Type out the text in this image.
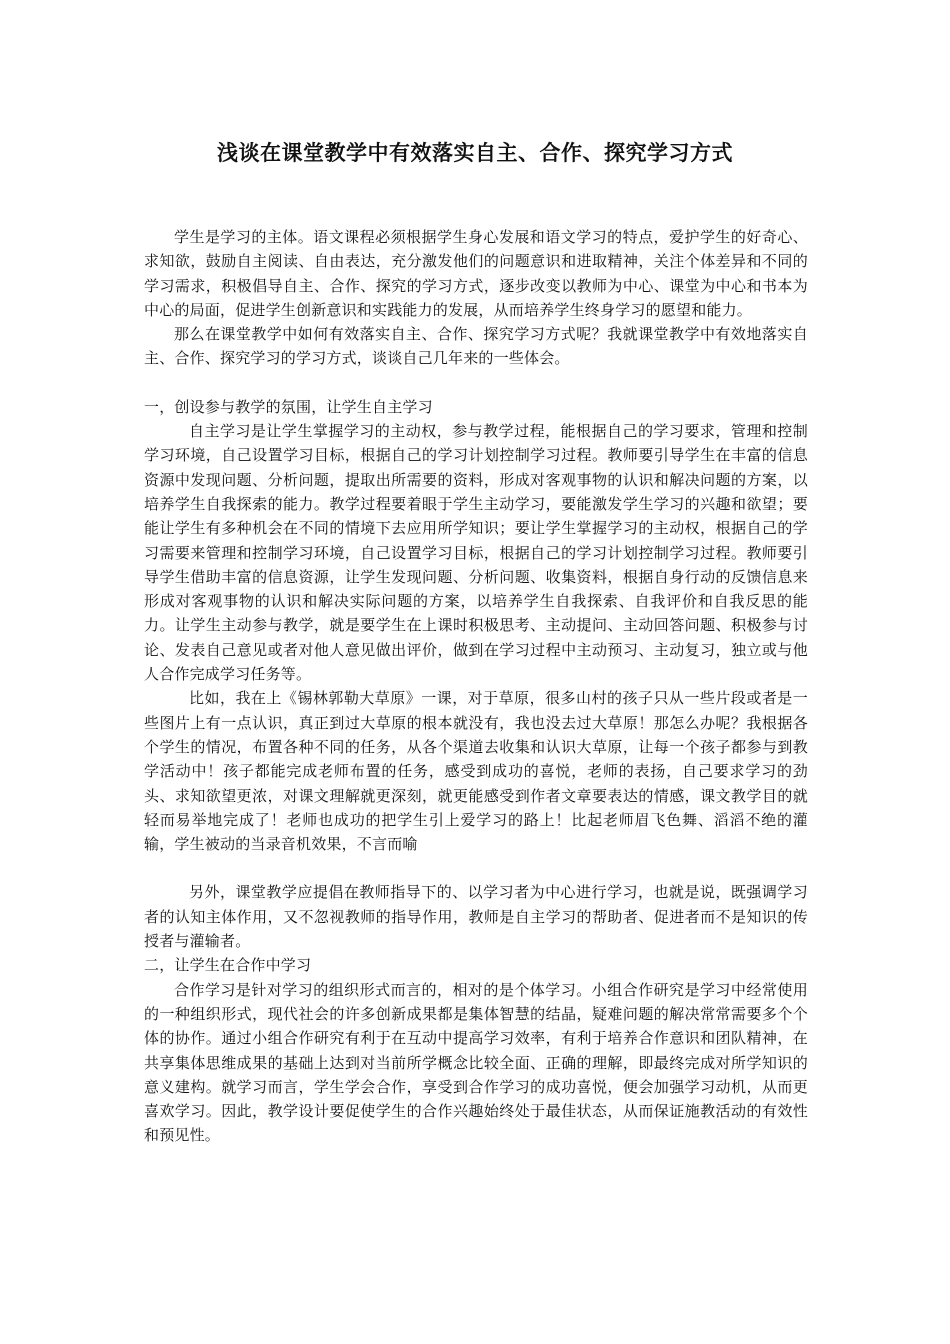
浅谈在课堂教学中有效落实自主、合作、探究学习方式

学生是学习的主体。语文课程必须根据学生身心发展和语文学习的特点，爱护学生的好奇心、求知欲，鼓励自主阅读、自由表达，充分激发他们的问题意识和进取精神，关注个体差异和不同的学习需求，积极倡导自主、合作、探究的学习方式，逐步改变以教师为中心、课堂为中心和书本为中心的局面，促进学生创新意识和实践能力的发展，从而培养学生终身学习的愿望和能力。

那么在课堂教学中如何有效落实自主、合作、探究学习方式呢？我就课堂教学中有效地落实自主、合作、探究学习的学习方式，谈谈自己几年来的一些体会。

一，创设参与教学的氛围，让学生自主学习

自主学习是让学生掌握学习的主动权，参与教学过程，能根据自己的学习要求，管理和控制学习环境，自己设置学习目标，根据自己的学习计划控制学习过程。教师要引导学生在丰富的信息资源中发现问题、分析问题，提取出所需要的资料，形成对客观事物的认识和解决问题的方案，以培养学生自我探索的能力。教学过程要着眼于学生主动学习，要能激发学生学习的兴趣和欲望；要能让学生有多种机会在不同的情境下去应用所学知识；要让学生掌握学习的主动权，根据自己的学习需要来管理和控制学习环境，自己设置学习目标，根据自己的学习计划控制学习过程。教师要引导学生借助丰富的信息资源，让学生发现问题、分析问题、收集资料，根据自身行动的反馈信息来形成对客观事物的认识和解决实际问题的方案，以培养学生自我探索、自我评价和自我反思的能力。让学生主动参与教学，就是要学生在上课时积极思考、主动提问、主动回答问题、积极参与讨论、发表自己意见或者对他人意见做出评价，做到在学习过程中主动预习、主动复习，独立或与他人合作完成学习任务等。

比如，我在上《锡林郭勒大草原》一课，对于草原，很多山村的孩子只从一些片段或者是一些图片上有一点认识，真正到过大草原的根本就没有，我也没去过大草原！那怎么办呢？我根据各个学生的情况，布置各种不同的任务，从各个渠道去收集和认识大草原，让每一个孩子都参与到教学活动中！孩子都能完成老师布置的任务，感受到成功的喜悦，老师的表扬，自己要求学习的劲头、求知欲望更浓，对课文理解就更深刻，就更能感受到作者文章要表达的情感，课文教学目的就轻而易举地完成了！老师也成功的把学生引上爱学习的路上！比起老师眉飞色舞、滔滔不绝的灌输，学生被动的当录音机效果，不言而喻

另外，课堂教学应提倡在教师指导下的、以学习者为中心进行学习，也就是说，既强调学习者的认知主体作用，又不忽视教师的指导作用，教师是自主学习的帮助者、促进者而不是知识的传授者与灌输者。

二，让学生在合作中学习

合作学习是针对学习的组织形式而言的，相对的是个体学习。小组合作研究是学习中经常使用的一种组织形式，现代社会的许多创新成果都是集体智慧的结晶，疑难问题的解决常常需要多个个体的协作。通过小组合作研究有利于在互动中提高学习效率，有利于培养合作意识和团队精神，在共享集体思维成果的基础上达到对当前所学概念比较全面、正确的理解，即最终完成对所学知识的意义建构。就学习而言，学生学会合作，享受到合作学习的成功喜悦，便会加强学习动机，从而更喜欢学习。因此，教学设计要促使学生的合作兴趣始终处于最佳状态，从而保证施教活动的有效性和预见性。
